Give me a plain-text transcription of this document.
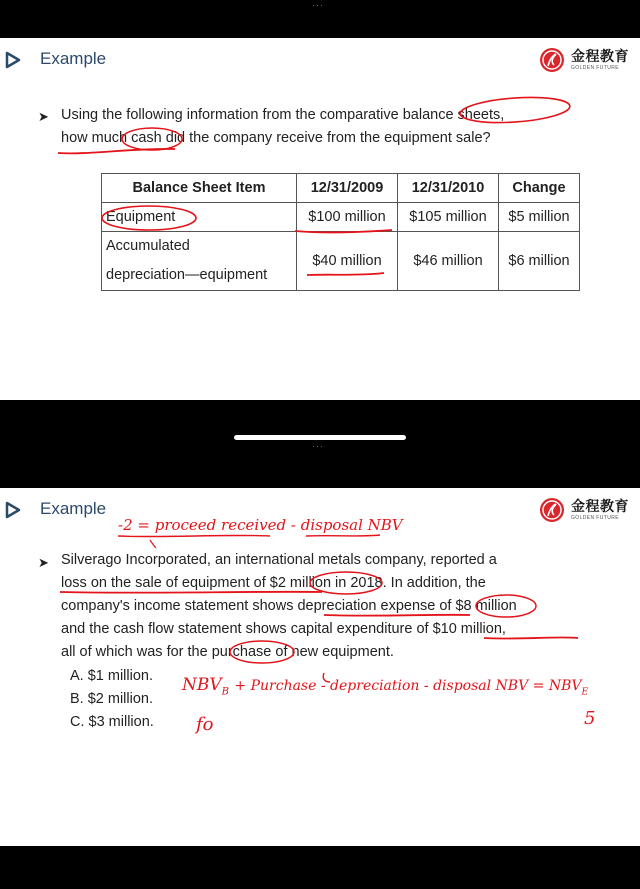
Example	金程教育
GOLDEN FUTURE
➤ Using the following information from the comparative balance sheets,
how much cash did the company receive from the equipment sale?
Balance Sheet Item	12/31/2009	12/31/2010	Change
Equipment	$100 million	$105 million	$5 million

Accumulated
depreciation—equipment	$40 million	$46 million	$6 million
···
···
Example	金程教育
GOLDEN FUTURE
-2 = proceed received - disposal NBV
➤ Silverago Incorporated, an international metals company, reported a
loss on the sale of equipment of $2 million in 2018. In addition, the
company's income statement shows depreciation expense of $8 million
and the cash flow statement shows capital expenditure of $10 million,
all of which was for the purchase of new equipment.
A. $1 million.
B. $2 million.
C. $3 million.
$NBV_B$ + Purchase - depreciation - disposal NBV = $NBV_E$
fo	5
